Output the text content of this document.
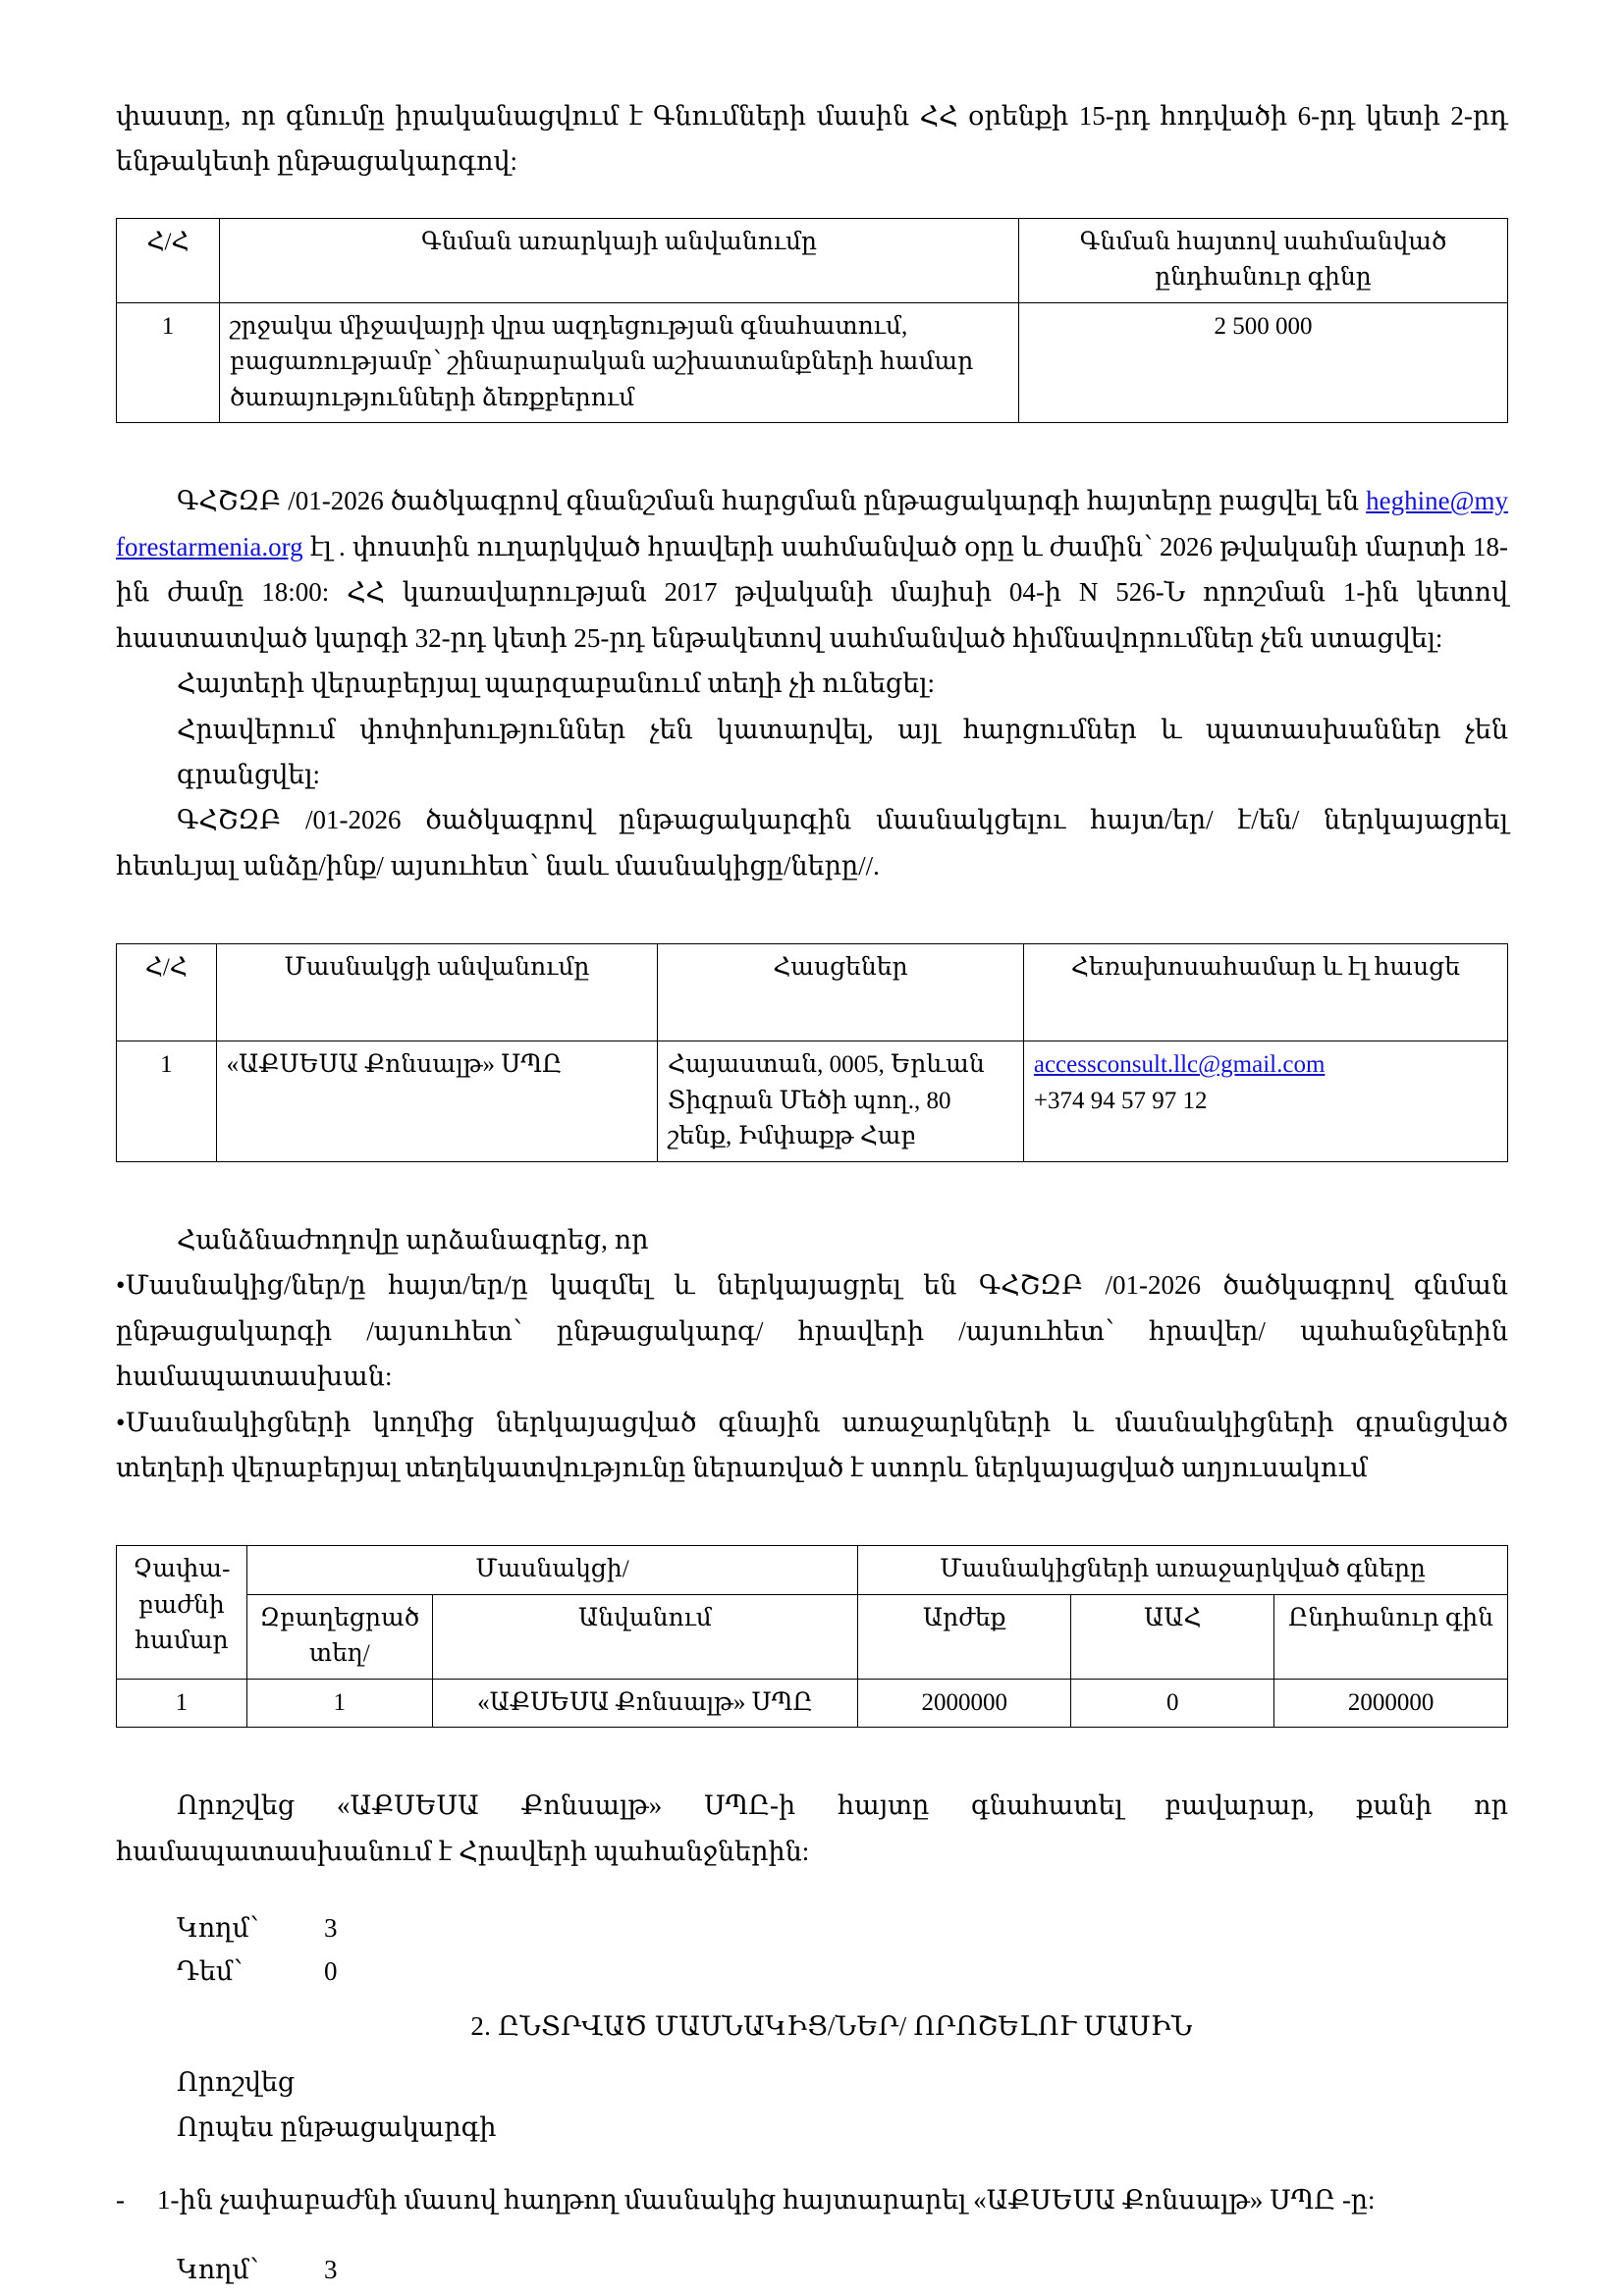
փաստը, որ գնումը իրականացվում է Գնումների մասին ՀՀ օրենքի 15-րդ հոդվածի 6-րդ կետի 2-րդ ենթակետի ընթացակարգով:

Հ/Հ	Գնման առարկայի անվանումը	Գնման հայտով սահմանված ընդհանուր գինը
1	շրջակա միջավայրի վրա ազդեցության գնահատում, բացառությամբ՝ շինարարական աշխատանքների համար ծառայությունների ձեռքբերում	2 500 000

ԳՀՇԶԲ /01-2026 ծածկագրով գնանշման հարցման ընթացակարգի հայտերը բացվել են heghine@myforestarmenia.org էլ . փոստին ուղարկված հրավերի սահմանված օրը և ժամին՝ 2026 թվականի մարտի 18-ին ժամը 18:00: ՀՀ կառավարության 2017 թվականի մայիսի 04-ի N 526-Ն որոշման 1-ին կետով հաստատված կարգի 32-րդ կետի 25-րդ ենթակետով սահմանված հիմնավորումներ չեն ստացվել:

Հայտերի վերաբերյալ պարզաբանում տեղի չի ունեցել:

Հրավերում փոփոխություններ չեն կատարվել, այլ հարցումներ և պատասխաններ չեն գրանցվել:

ԳՀՇԶԲ /01-2026 ծածկագրով ընթացակարգին մասնակցելու հայտ/եր/ է/են/ ներկայացրել հետևյալ անձը/ինք/ այսուհետ՝ նաև մասնակիցը/ները//.

Հ/Հ	Մասնակցի անվանումը	Հասցեներ	Հեռախոսահամար և էլ հասցե
1	«ԱՔՍԵՍԱ Քոնսալթ» ՍՊԸ	Հայաստան, 0005, Երևան Տիգրան Մեծի պող., 80 շենք, Իմփաքթ Հաբ	accessconsult.llc@gmail.com
+374 94 57 97 12

Հանձնաժողովը արձանագրեց, որ

•Մասնակից/ներ/ը հայտ/եր/ը կազմել և ներկայացրել են ԳՀՇԶԲ /01-2026 ծածկագրով գնման ընթացակարգի /այսուհետ՝ ընթացակարգ/ հրավերի /այսուհետ՝ հրավեր/ պահանջներին համապատասխան:

•Մասնակիցների կողմից ներկայացված գնային առաջարկների և մասնակիցների գրանցված տեղերի վերաբերյալ տեղեկատվությունը ներառված է ստորև ներկայացված աղյուսակում

Չափա-բաժնի համար	Մասնակցի/		Մասնակիցների առաջարկված գները		
	Զբաղեցրած տեղ/	Անվանում	Արժեք	ԱԱՀ	Ընդհանուր գին
1	1	«ԱՔՍԵՍԱ Քոնսալթ» ՍՊԸ	2000000	0	2000000

Որոշվեց «ԱՔՍԵՍԱ Քոնսալթ» ՍՊԸ-ի հայտը գնահատել բավարար, քանի որ համապատասխանում է Հրավերի պահանջներին:

Կողմ՝ 3
Դեմ՝	0

2. ԸՆՏՐՎԱԾ ՄԱՍՆԱԿԻՑ/ՆԵՐ/ ՈՐՈՇԵԼՈՒ ՄԱՍԻՆ

Որոշվեց

Որպես ընթացակարգի

- 1-ին չափաբաժնի մասով հաղթող մասնակից հայտարարել «ԱՔՍԵՍԱ Քոնսալթ» ՍՊԸ -ը:

Կողմ՝ 3
